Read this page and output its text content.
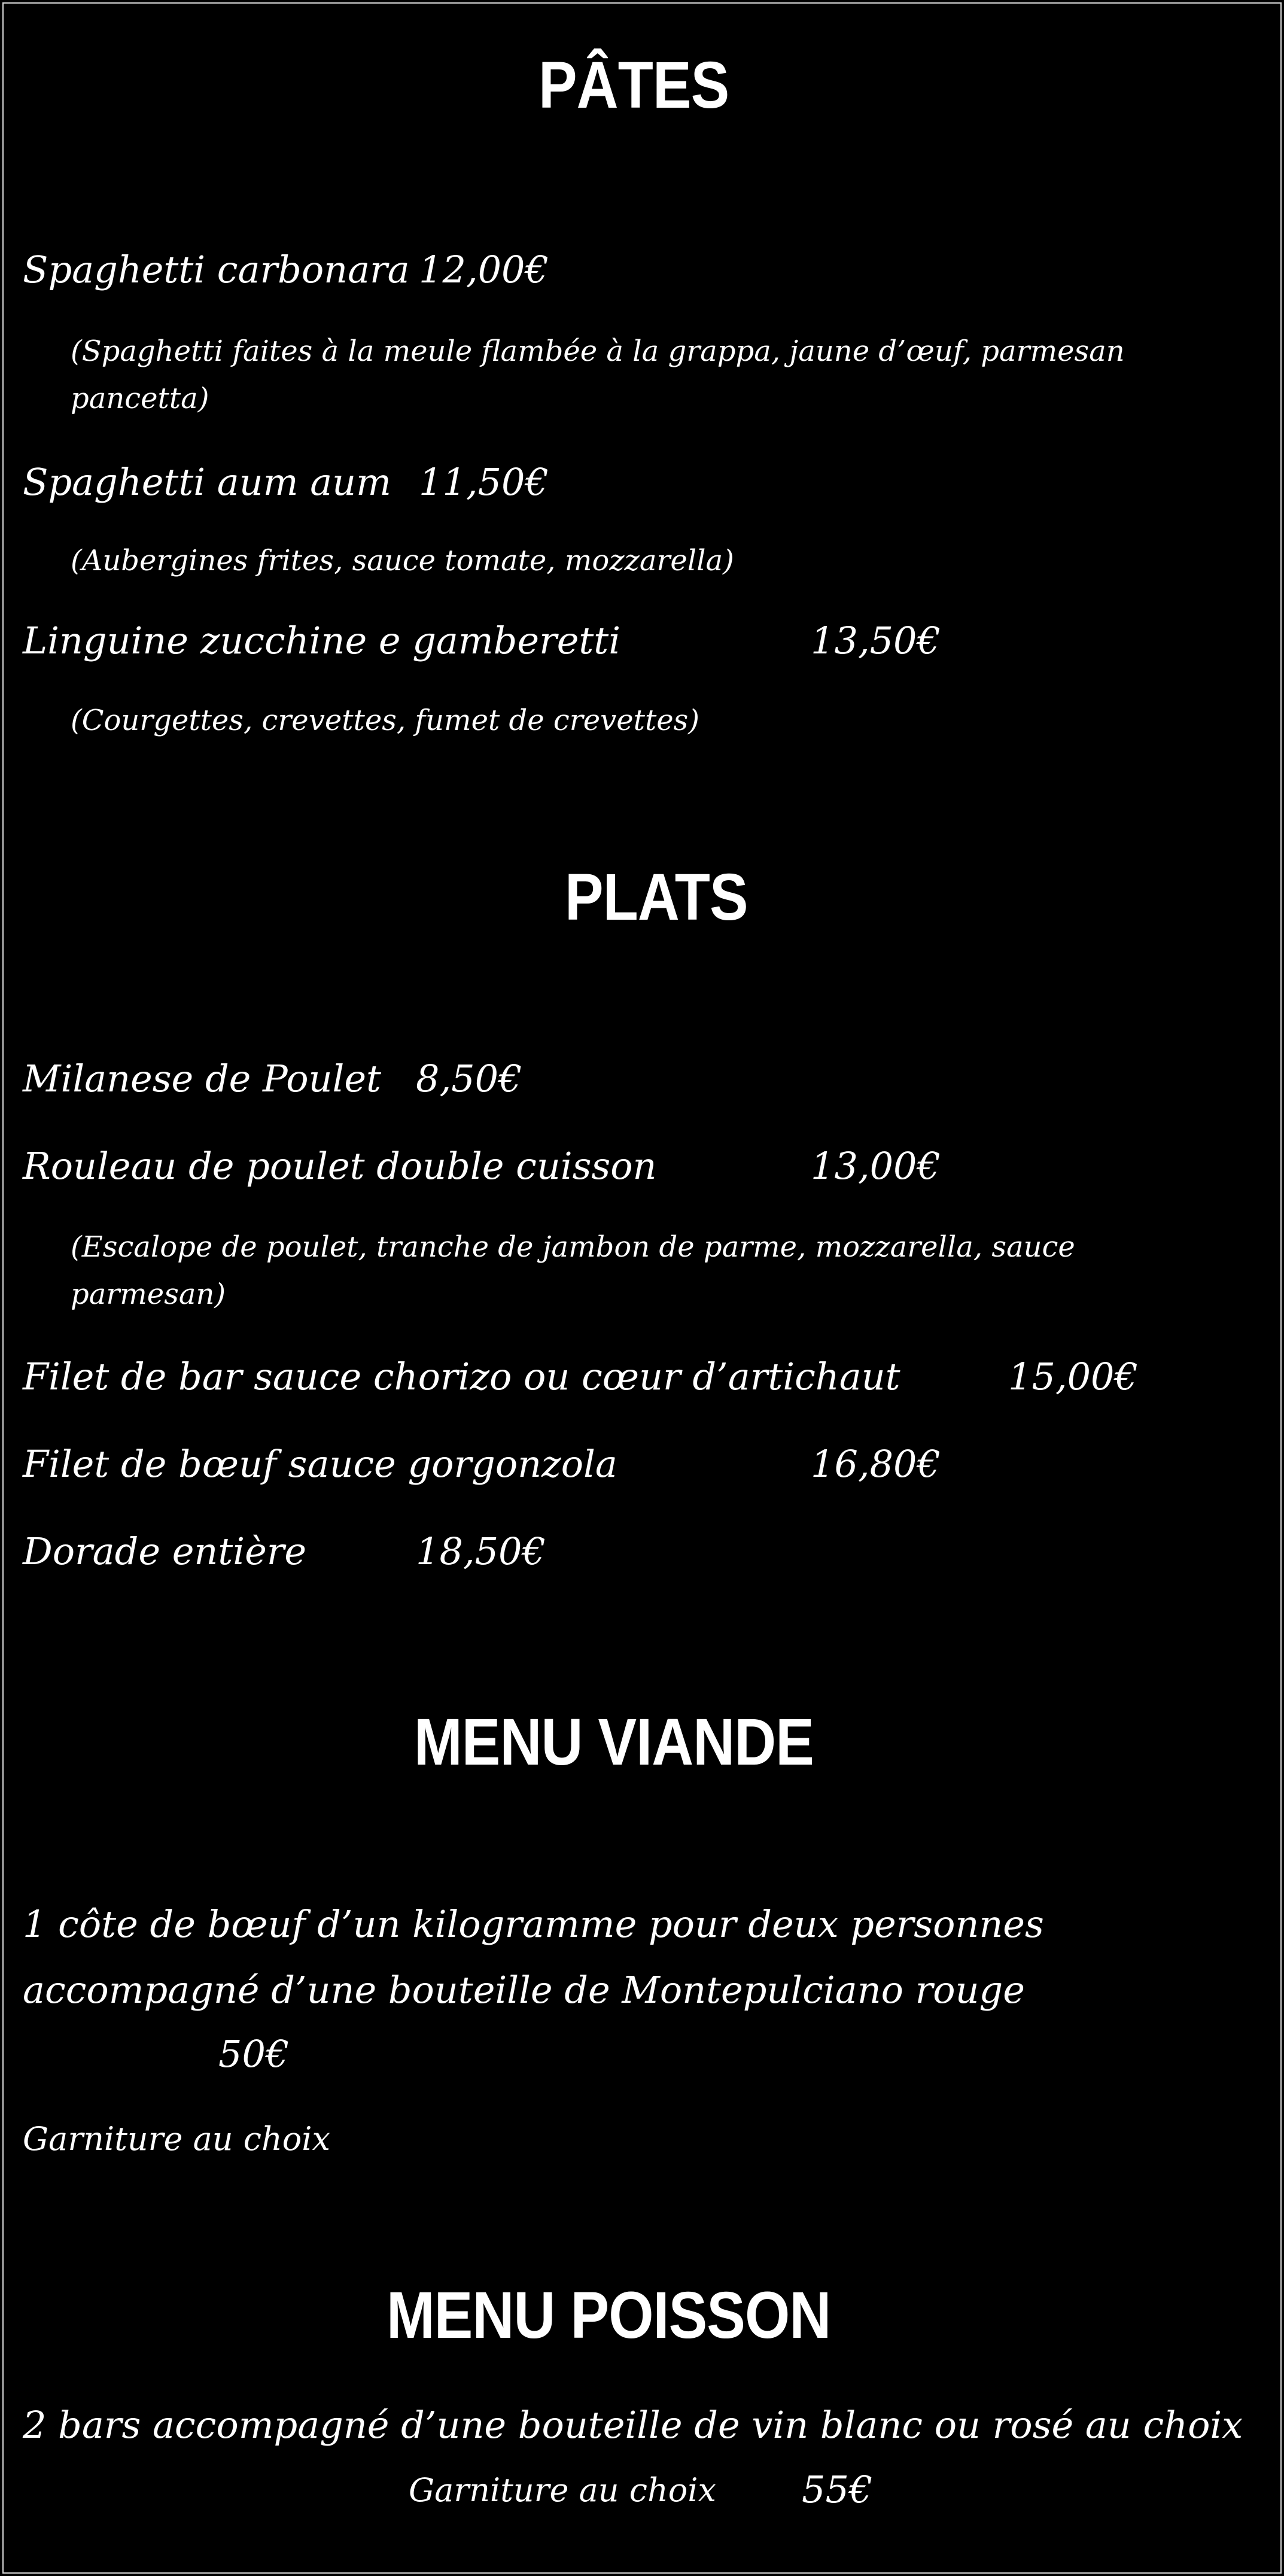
PÂTES
Spaghetti carbonara 12,00€
(Spaghetti faites à la meule flambée à la grappa, jaune d’œuf, parmesan pancetta)
Spaghetti aum aum 11,50€
(Aubergines frites, sauce tomate, mozzarella)
Linguine zucchine e gamberetti	13,50€
(Courgettes, crevettes, fumet de crevettes)
PLATS
Milanese de Poulet 8,50€
Rouleau de poulet double cuisson	13,00€
(Escalope de poulet, tranche de jambon de parme, mozzarella, sauce parmesan)
Filet de bar sauce chorizo ou cœur d’artichaut	15,00€
Filet de bœuf sauce gorgonzola	16,80€
Dorade entière	18,50€
MENU VIANDE
1 côte de bœuf d’un kilogramme pour deux personnes
accompagné d’une bouteille de Montepulciano rouge
50€
Garniture au choix
MENU POISSON
2 bars accompagné d’une bouteille de vin blanc ou rosé au choix
Garniture au choix 55€
